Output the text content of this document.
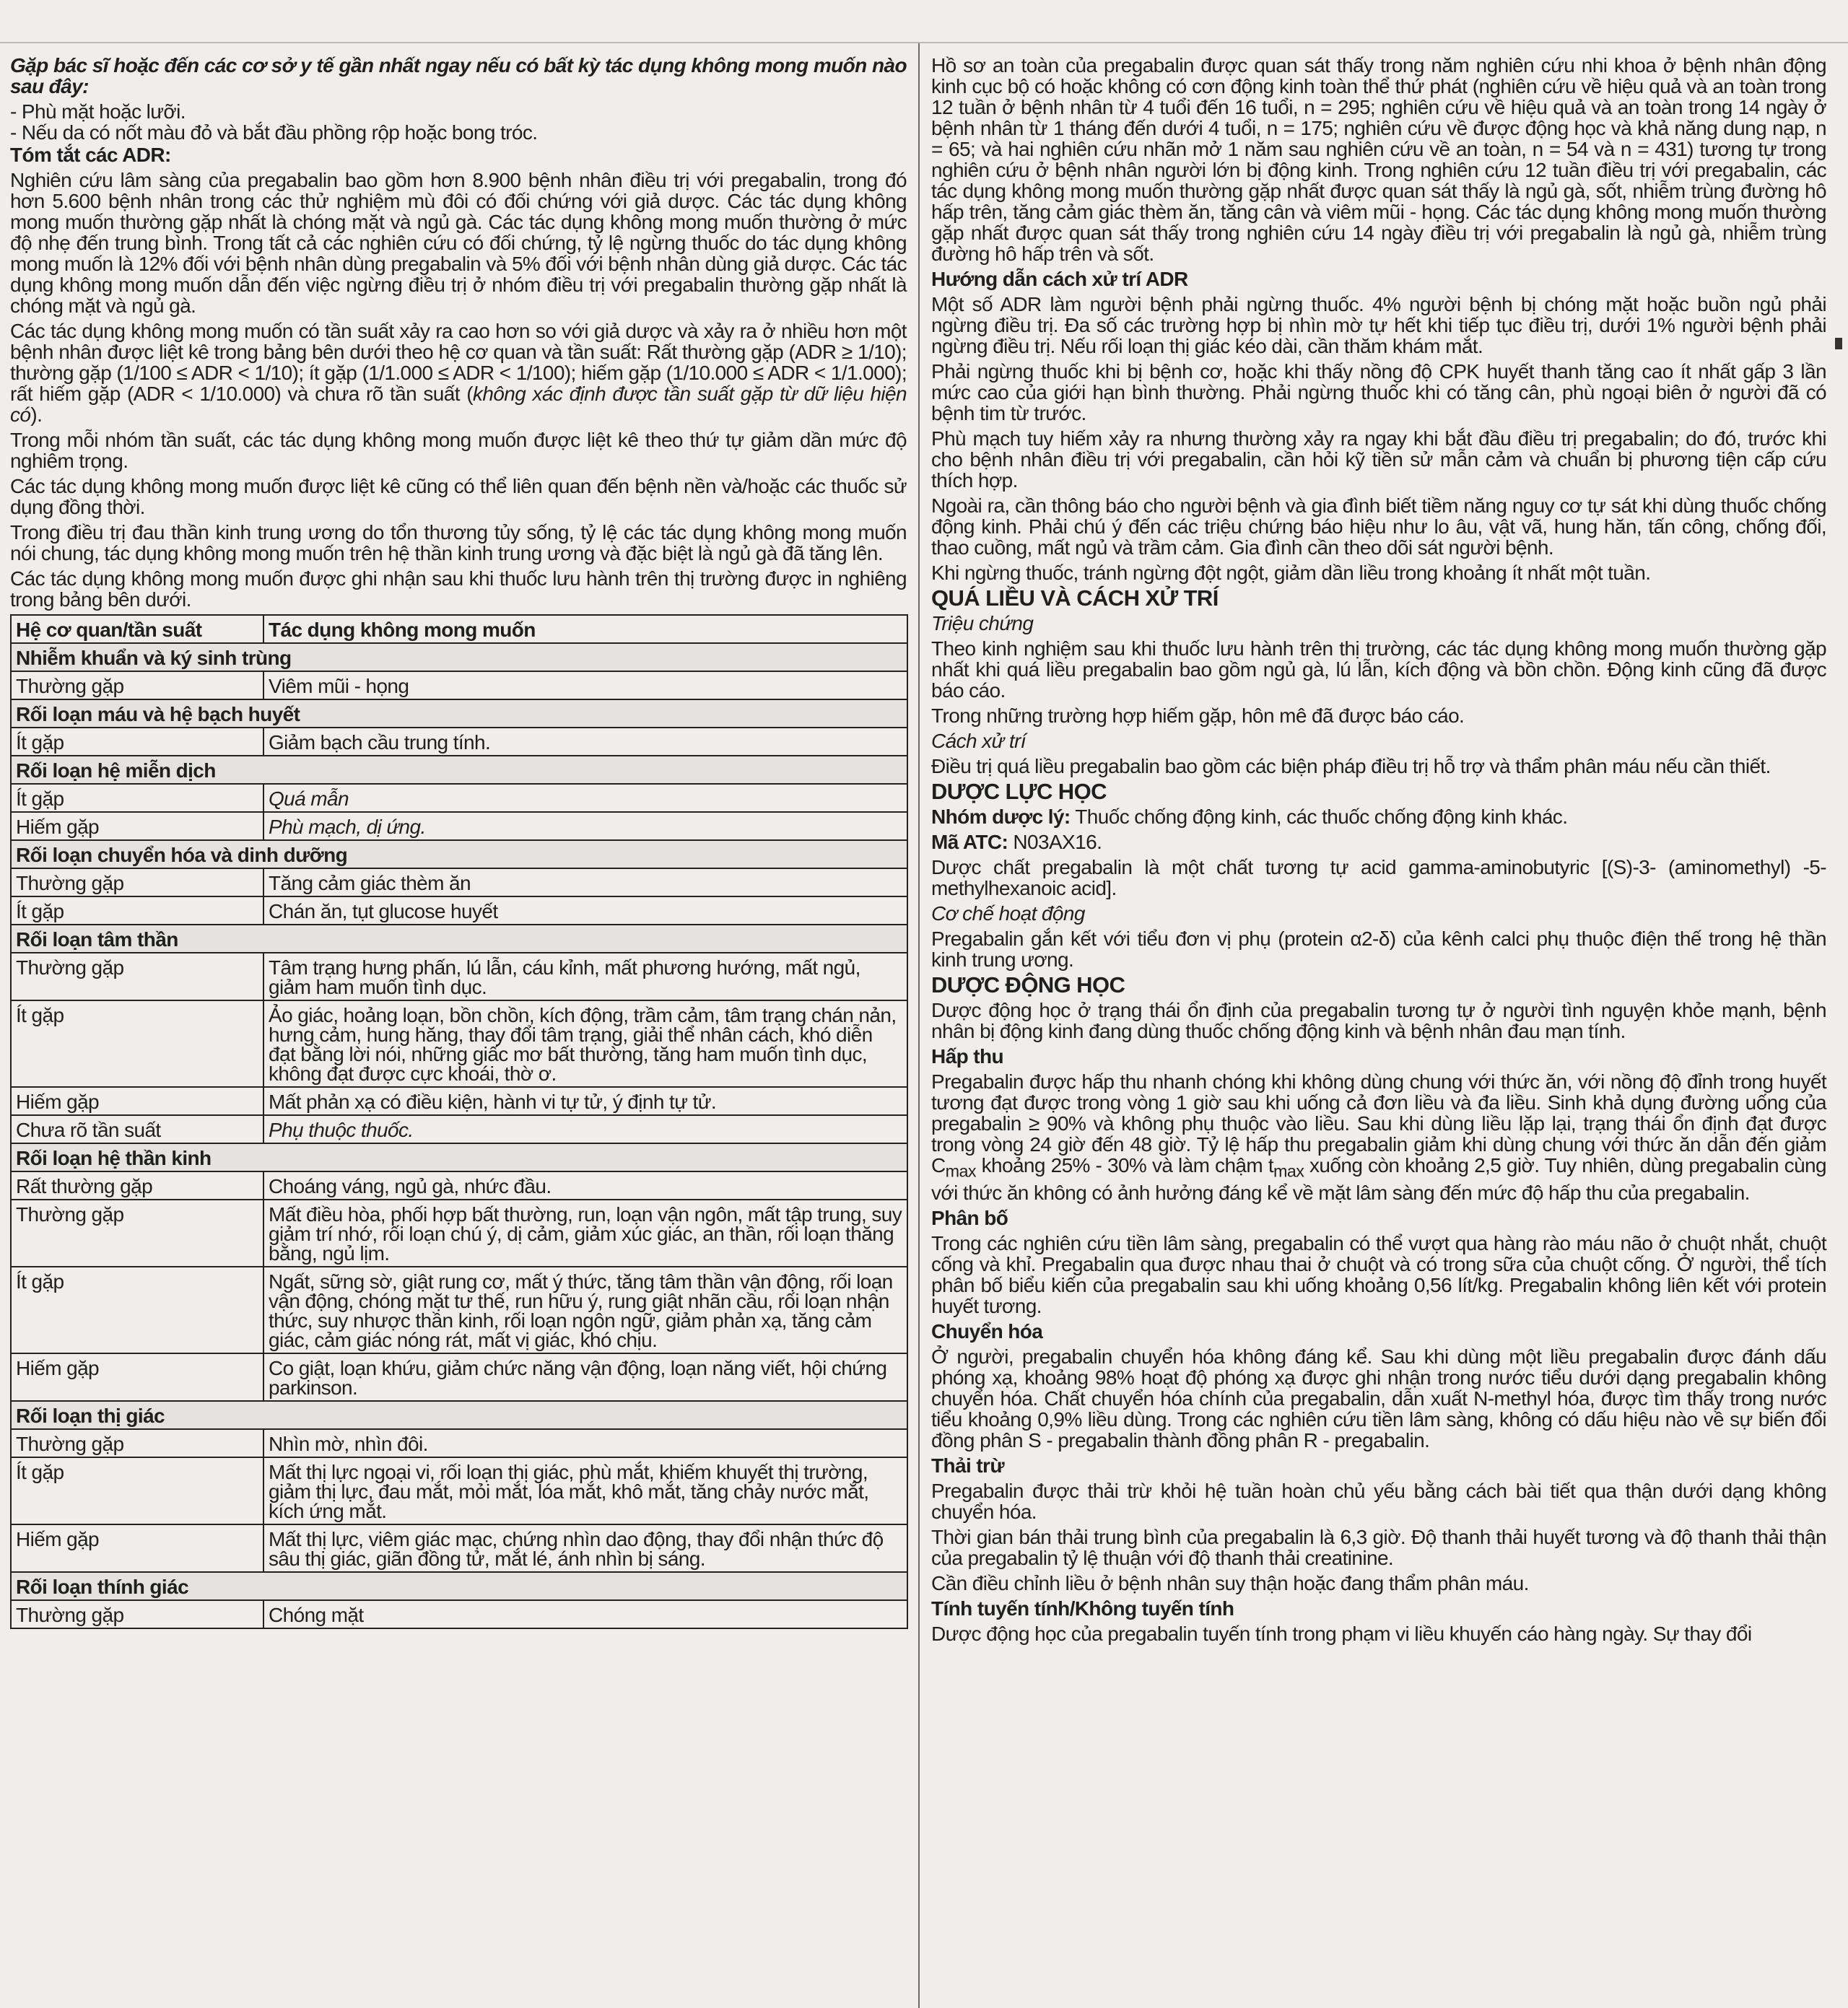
Gặp bác sĩ hoặc đến các cơ sở y tế gần nhất ngay nếu có bất kỳ tác dụng không mong muốn nào sau đây:

- Phù mặt hoặc lưỡi.
- Nếu da có nốt màu đỏ và bắt đầu phồng rộp hoặc bong tróc.

Tóm tắt các ADR:

Nghiên cứu lâm sàng của pregabalin bao gồm hơn 8.900 bệnh nhân điều trị với pregabalin, trong đó hơn 5.600 bệnh nhân trong các thử nghiệm mù đôi có đối chứng với giả dược. Các tác dụng không mong muốn thường gặp nhất là chóng mặt và ngủ gà. Các tác dụng không mong muốn thường ở mức độ nhẹ đến trung bình. Trong tất cả các nghiên cứu có đối chứng, tỷ lệ ngừng thuốc do tác dụng không mong muốn là 12% đối với bệnh nhân dùng pregabalin và 5% đối với bệnh nhân dùng giả dược. Các tác dụng không mong muốn dẫn đến việc ngừng điều trị ở nhóm điều trị với pregabalin thường gặp nhất là chóng mặt và ngủ gà.

Các tác dụng không mong muốn có tần suất xảy ra cao hơn so với giả dược và xảy ra ở nhiều hơn một bệnh nhân được liệt kê trong bảng bên dưới theo hệ cơ quan và tần suất: Rất thường gặp (ADR ≥ 1/10); thường gặp (1/100 ≤ ADR < 1/10); ít gặp (1/1.000 ≤ ADR < 1/100); hiếm gặp (1/10.000 ≤ ADR < 1/1.000); rất hiếm gặp (ADR < 1/10.000) và chưa rõ tần suất (không xác định được tần suất gặp từ dữ liệu hiện có).

Trong mỗi nhóm tần suất, các tác dụng không mong muốn được liệt kê theo thứ tự giảm dần mức độ nghiêm trọng.

Các tác dụng không mong muốn được liệt kê cũng có thể liên quan đến bệnh nền và/hoặc các thuốc sử dụng đồng thời.

Trong điều trị đau thần kinh trung ương do tổn thương tủy sống, tỷ lệ các tác dụng không mong muốn nói chung, tác dụng không mong muốn trên hệ thần kinh trung ương và đặc biệt là ngủ gà đã tăng lên.

Các tác dụng không mong muốn được ghi nhận sau khi thuốc lưu hành trên thị trường được in nghiêng trong bảng bên dưới.

Hệ cơ quan/tần suất	Tác dụng không mong muốn
Nhiễm khuẩn và ký sinh trùng	
Thường gặp	Viêm mũi - họng
Rối loạn máu và hệ bạch huyết	
Ít gặp	Giảm bạch cầu trung tính.
Rối loạn hệ miễn dịch	
Ít gặp	Quá mẫn
Hiếm gặp	Phù mạch, dị ứng.
Rối loạn chuyển hóa và dinh dưỡng	
Thường gặp	Tăng cảm giác thèm ăn
Ít gặp	Chán ăn, tụt glucose huyết
Rối loạn tâm thần	
Thường gặp	Tâm trạng hưng phấn, lú lẫn, cáu kỉnh, mất phương hướng, mất ngủ, giảm ham muốn tình dục.
Ít gặp	Ảo giác, hoảng loạn, bồn chồn, kích động, trầm cảm, tâm trạng chán nản, hưng cảm, hung hăng, thay đổi tâm trạng, giải thể nhân cách, khó diễn đạt bằng lời nói, những giấc mơ bất thường, tăng ham muốn tình dục, không đạt được cực khoái, thờ ơ.
Hiếm gặp	Mất phản xạ có điều kiện, hành vi tự tử, ý định tự tử.
Chưa rõ tần suất	Phụ thuộc thuốc.
Rối loạn hệ thần kinh	
Rất thường gặp	Choáng váng, ngủ gà, nhức đầu.
Thường gặp	Mất điều hòa, phối hợp bất thường, run, loạn vận ngôn, mất tập trung, suy giảm trí nhớ, rối loạn chú ý, dị cảm, giảm xúc giác, an thần, rối loạn thăng bằng, ngủ lịm.
Ít gặp	Ngất, sững sờ, giật rung cơ, mất ý thức, tăng tâm thần vận động, rối loạn vận động, chóng mặt tư thế, run hữu ý, rung giật nhãn cầu, rối loạn nhận thức, suy nhược thần kinh, rối loạn ngôn ngữ, giảm phản xạ, tăng cảm giác, cảm giác nóng rát, mất vị giác, khó chịu.
Hiếm gặp	Co giật, loạn khứu, giảm chức năng vận động, loạn năng viết, hội chứng parkinson.
Rối loạn thị giác	
Thường gặp	Nhìn mờ, nhìn đôi.
Ít gặp	Mất thị lực ngoại vi, rối loạn thị giác, phù mắt, khiếm khuyết thị trường, giảm thị lực, đau mắt, mỏi mắt, lóa mắt, khô mắt, tăng chảy nước mắt, kích ứng mắt.
Hiếm gặp	Mất thị lực, viêm giác mạc, chứng nhìn dao động, thay đổi nhận thức độ sâu thị giác, giãn đồng tử, mắt lé, ánh nhìn bị sáng.
Rối loạn thính giác	
Thường gặp	Chóng mặt

Hồ sơ an toàn của pregabalin được quan sát thấy trong năm nghiên cứu nhi khoa ở bệnh nhân động kinh cục bộ có hoặc không có cơn động kinh toàn thể thứ phát (nghiên cứu về hiệu quả và an toàn trong 12 tuần ở bệnh nhân từ 4 tuổi đến 16 tuổi, n = 295; nghiên cứu về hiệu quả và an toàn trong 14 ngày ở bệnh nhân từ 1 tháng đến dưới 4 tuổi, n = 175; nghiên cứu về được động học và khả năng dung nạp, n = 65; và hai nghiên cứu nhãn mở 1 năm sau nghiên cứu về an toàn, n = 54 và n = 431) tương tự trong nghiên cứu ở bệnh nhân người lớn bị động kinh. Trong nghiên cứu 12 tuần điều trị với pregabalin, các tác dụng không mong muốn thường gặp nhất được quan sát thấy là ngủ gà, sốt, nhiễm trùng đường hô hấp trên, tăng cảm giác thèm ăn, tăng cân và viêm mũi - họng. Các tác dụng không mong muốn thường gặp nhất được quan sát thấy trong nghiên cứu 14 ngày điều trị với pregabalin là ngủ gà, nhiễm trùng đường hô hấp trên và sốt.

Hướng dẫn cách xử trí ADR

Một số ADR làm người bệnh phải ngừng thuốc. 4% người bệnh bị chóng mặt hoặc buồn ngủ phải ngừng điều trị. Đa số các trường hợp bị nhìn mờ tự hết khi tiếp tục điều trị, dưới 1% người bệnh phải ngừng điều trị. Nếu rối loạn thị giác kéo dài, cần thăm khám mắt.

Phải ngừng thuốc khi bị bệnh cơ, hoặc khi thấy nồng độ CPK huyết thanh tăng cao ít nhất gấp 3 lần mức cao của giới hạn bình thường. Phải ngừng thuốc khi có tăng cân, phù ngoại biên ở người đã có bệnh tim từ trước.

Phù mạch tuy hiếm xảy ra nhưng thường xảy ra ngay khi bắt đầu điều trị pregabalin; do đó, trước khi cho bệnh nhân điều trị với pregabalin, cần hỏi kỹ tiền sử mẫn cảm và chuẩn bị phương tiện cấp cứu thích hợp.

Ngoài ra, cần thông báo cho người bệnh và gia đình biết tiềm năng nguy cơ tự sát khi dùng thuốc chống động kinh. Phải chú ý đến các triệu chứng báo hiệu như lo âu, vật vã, hung hăn, tấn công, chống đối, thao cuồng, mất ngủ và trầm cảm. Gia đình cần theo dõi sát người bệnh.

Khi ngừng thuốc, tránh ngừng đột ngột, giảm dần liều trong khoảng ít nhất một tuần.

QUÁ LIỀU VÀ CÁCH XỬ TRÍ

Triệu chứng

Theo kinh nghiệm sau khi thuốc lưu hành trên thị trường, các tác dụng không mong muốn thường gặp nhất khi quá liều pregabalin bao gồm ngủ gà, lú lẫn, kích động và bồn chồn. Động kinh cũng đã được báo cáo.

Trong những trường hợp hiếm gặp, hôn mê đã được báo cáo.

Cách xử trí

Điều trị quá liều pregabalin bao gồm các biện pháp điều trị hỗ trợ và thẩm phân máu nếu cần thiết.

DƯỢC LỰC HỌC

Nhóm dược lý: Thuốc chống động kinh, các thuốc chống động kinh khác.

Mã ATC: N03AX16.

Dược chất pregabalin là một chất tương tự acid gamma-aminobutyric [(S)-3- (aminomethyl) -5- methylhexanoic acid].

Cơ chế hoạt động

Pregabalin gắn kết với tiểu đơn vị phụ (protein α2-δ) của kênh calci phụ thuộc điện thế trong hệ thần kinh trung ương.

DƯỢC ĐỘNG HỌC

Dược động học ở trạng thái ổn định của pregabalin tương tự ở người tình nguyện khỏe mạnh, bệnh nhân bị động kinh đang dùng thuốc chống động kinh và bệnh nhân đau mạn tính.

Hấp thu

Pregabalin được hấp thu nhanh chóng khi không dùng chung với thức ăn, với nồng độ đỉnh trong huyết tương đạt được trong vòng 1 giờ sau khi uống cả đơn liều và đa liều. Sinh khả dụng đường uống của pregabalin ≥ 90% và không phụ thuộc vào liều. Sau khi dùng liều lặp lại, trạng thái ổn định đạt được trong vòng 24 giờ đến 48 giờ. Tỷ lệ hấp thu pregabalin giảm khi dùng chung với thức ăn dẫn đến giảm $C_{max}$ khoảng 25% - 30% và làm chậm $t_{max}$ xuống còn khoảng 2,5 giờ. Tuy nhiên, dùng pregabalin cùng với thức ăn không có ảnh hưởng đáng kể về mặt lâm sàng đến mức độ hấp thu của pregabalin.

Phân bố

Trong các nghiên cứu tiền lâm sàng, pregabalin có thể vượt qua hàng rào máu não ở chuột nhắt, chuột cống và khỉ. Pregabalin qua được nhau thai ở chuột và có trong sữa của chuột cống. Ở người, thể tích phân bố biểu kiến của pregabalin sau khi uống khoảng 0,56 lít/kg. Pregabalin không liên kết với protein huyết tương.

Chuyển hóa

Ở người, pregabalin chuyển hóa không đáng kể. Sau khi dùng một liều pregabalin được đánh dấu phóng xạ, khoảng 98% hoạt độ phóng xạ được ghi nhận trong nước tiểu dưới dạng pregabalin không chuyển hóa. Chất chuyển hóa chính của pregabalin, dẫn xuất N-methyl hóa, được tìm thấy trong nước tiểu khoảng 0,9% liều dùng. Trong các nghiên cứu tiền lâm sàng, không có dấu hiệu nào về sự biến đổi đồng phân S - pregabalin thành đồng phân R - pregabalin.

Thải trừ

Pregabalin được thải trừ khỏi hệ tuần hoàn chủ yếu bằng cách bài tiết qua thận dưới dạng không chuyển hóa.

Thời gian bán thải trung bình của pregabalin là 6,3 giờ. Độ thanh thải huyết tương và độ thanh thải thận của pregabalin tỷ lệ thuận với độ thanh thải creatinine.

Cần điều chỉnh liều ở bệnh nhân suy thận hoặc đang thẩm phân máu.

Tính tuyến tính/Không tuyến tính

Dược động học của pregabalin tuyến tính trong phạm vi liều khuyến cáo hàng ngày. Sự thay đổi
